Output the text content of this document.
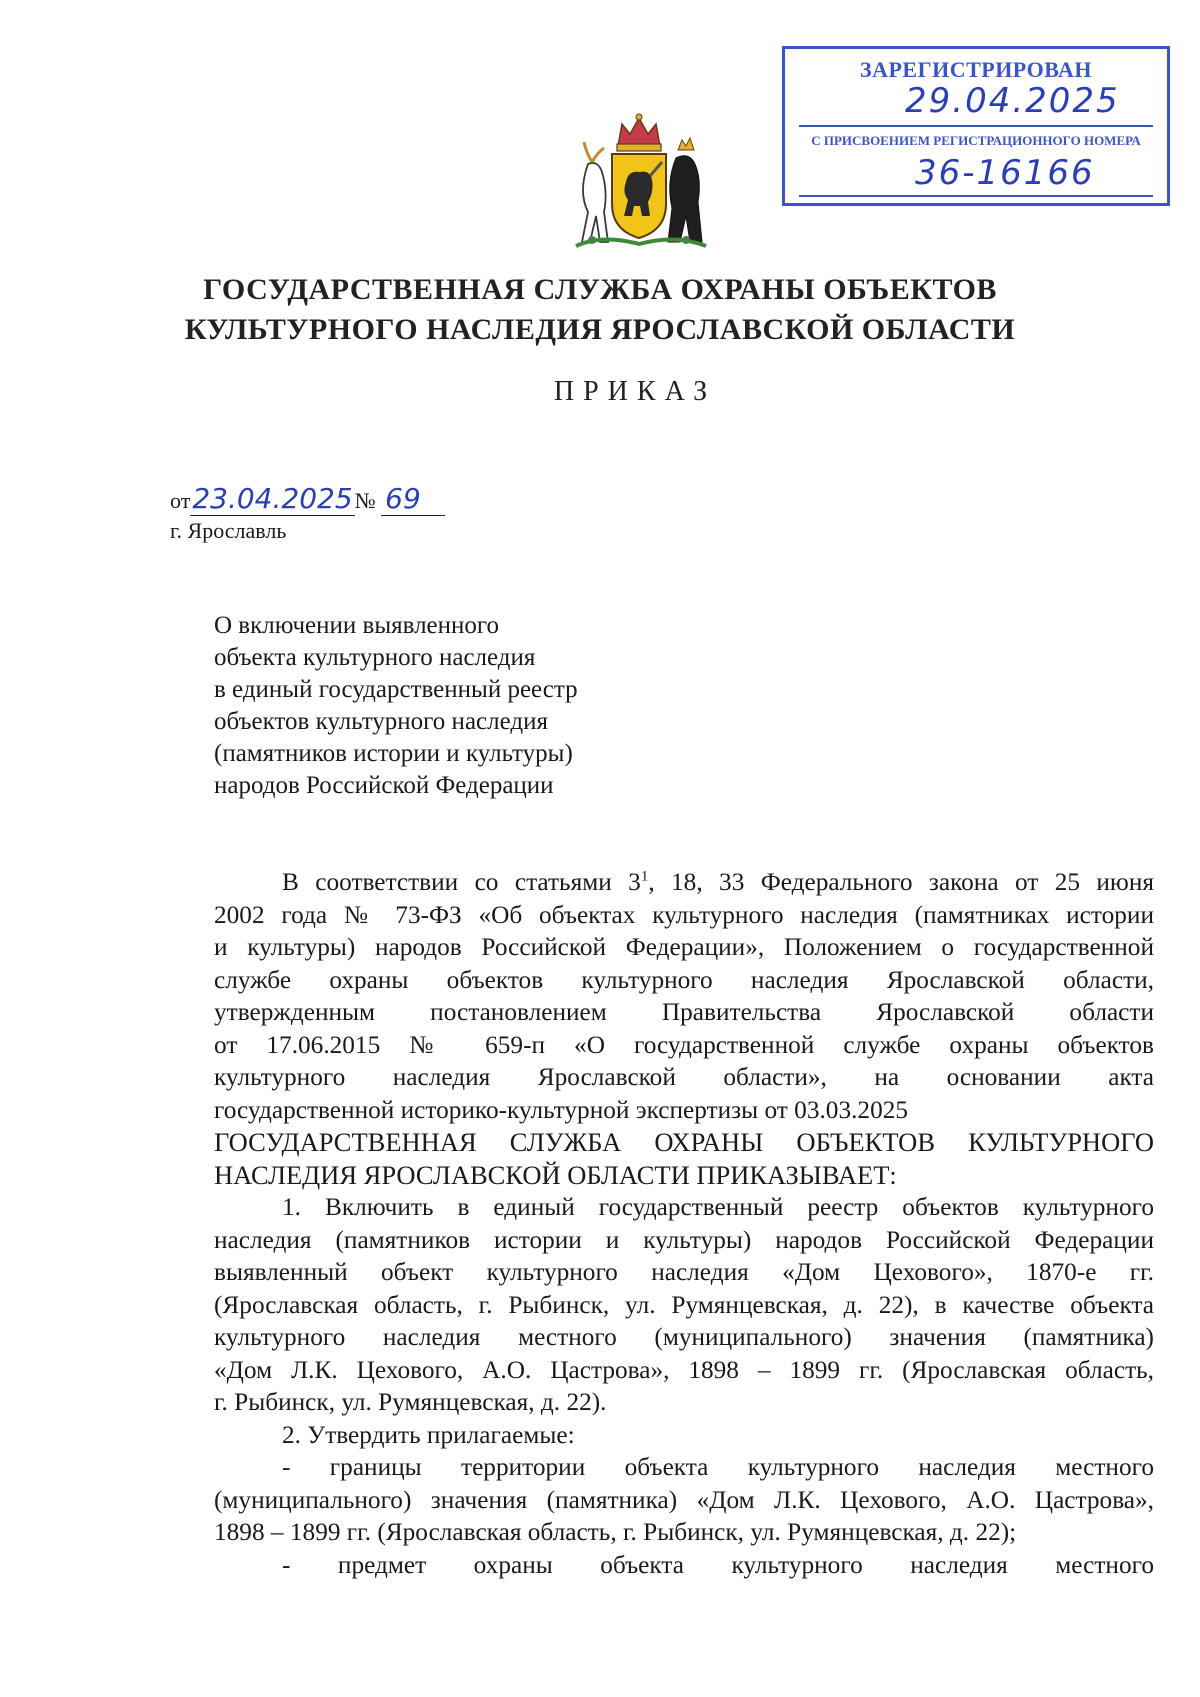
ЗАРЕГИСТРИРОВАН
29.04.2025
С ПРИСВОЕНИЕМ РЕГИСТРАЦИОННОГО НОМЕРА
36-16166
ГОСУДАРСТВЕННАЯ СЛУЖБА ОХРАНЫ ОБЪЕКТОВ
КУЛЬТУРНОГО НАСЛЕДИЯ ЯРОСЛАВСКОЙ ОБЛАСТИ
ПРИКАЗ
от23.04.2025№ 69
г. Ярославль
О включении выявленного
объекта культурного наследия
в единый государственный реестр
объектов культурного наследия
(памятников истории и культуры)
народов Российской Федерации
В соответствии со статьями $3^1$, 18, 33 Федерального закона от 25 июня
2002 года № 73-ФЗ «Об объектах культурного наследия (памятниках истории
и культуры) народов Российской Федерации», Положением о государственной
службе охраны объектов культурного наследия Ярославской области,
утвержденным постановлением Правительства Ярославской области
от 17.06.2015 № 659-п «О государственной службе охраны объектов
культурного наследия Ярославской области», на основании акта
государственной историко-культурной экспертизы от 03.03.2025
ГОСУДАРСТВЕННАЯ СЛУЖБА ОХРАНЫ ОБЪЕКТОВ КУЛЬТУРНОГО
НАСЛЕДИЯ ЯРОСЛАВСКОЙ ОБЛАСТИ ПРИКАЗЫВАЕТ:
1. Включить в единый государственный реестр объектов культурного
наследия (памятников истории и культуры) народов Российской Федерации
выявленный объект культурного наследия «Дом Цехового», 1870-е гг.
(Ярославская область, г. Рыбинск, ул. Румянцевская, д. 22), в качестве объекта
культурного наследия местного (муниципального) значения (памятника)
«Дом Л.К. Цехового, А.О. Цастрова», 1898 – 1899 гг. (Ярославская область,
г. Рыбинск, ул. Румянцевская, д. 22).
2. Утвердить прилагаемые:
- границы территории объекта культурного наследия местного
(муниципального) значения (памятника) «Дом Л.К. Цехового, А.О. Цастрова»,
1898 – 1899 гг. (Ярославская область, г. Рыбинск, ул. Румянцевская, д. 22);
- предмет охраны объекта культурного наследия местного
